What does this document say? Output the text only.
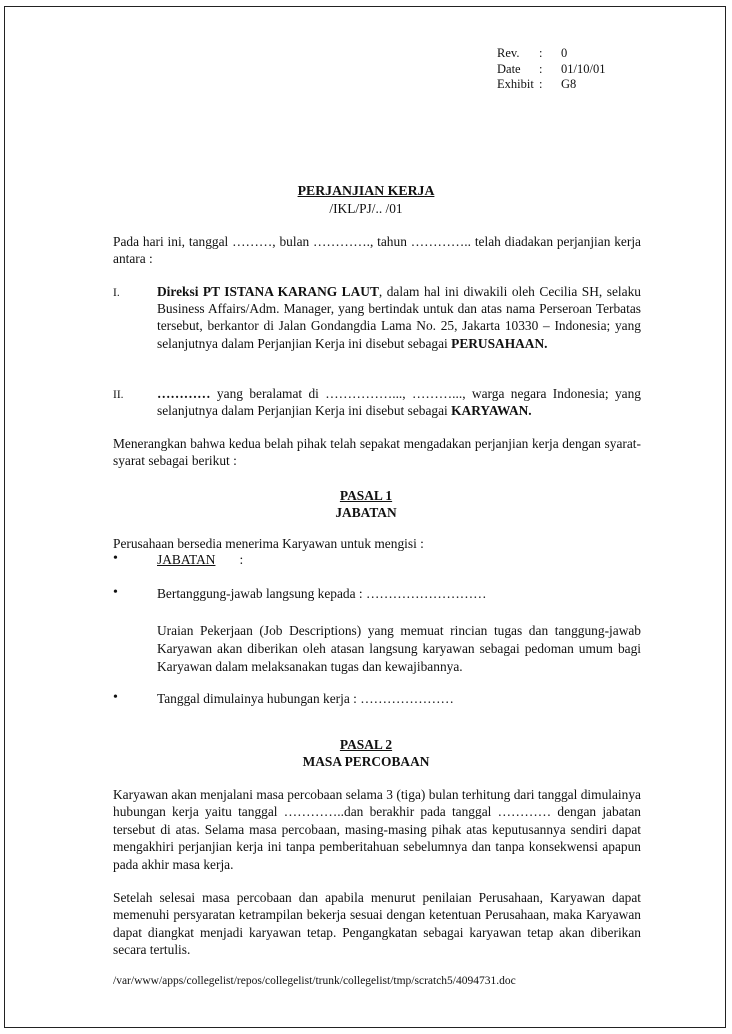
Rev.	:	0
Date	:	01/10/01
Exhibit :	G8
PERJANJIAN KERJA
/IKL/PJ/.. /01
Pada hari ini, tanggal ………, bulan …………., tahun ………….. telah diadakan perjanjian kerja antara :
I.	Direksi PT ISTANA KARANG LAUT, dalam hal ini diwakili oleh Cecilia SH, selaku Business Affairs/Adm. Manager, yang bertindak untuk dan atas nama Perseroan Terbatas tersebut, berkantor di Jalan Gondangdia Lama No. 25, Jakarta 10330 – Indonesia; yang selanjutnya dalam Perjanjian Kerja ini disebut sebagai PERUSAHAAN.
II. ………… yang beralamat di ……………..., ………..., warga negara Indonesia; yang selanjutnya dalam Perjanjian Kerja ini disebut sebagai KARYAWAN.
Menerangkan bahwa kedua belah pihak telah sepakat mengadakan perjanjian kerja dengan syarat-syarat sebagai berikut :
PASAL 1
JABATAN
Perusahaan bersedia menerima Karyawan untuk mengisi :
•	JABATAN :
•	Bertanggung-jawab langsung kepada : ………………………
Uraian Pekerjaan (Job Descriptions) yang memuat rincian tugas dan tanggung-jawab Karyawan akan diberikan oleh atasan langsung karyawan sebagai pedoman umum bagi Karyawan dalam melaksanakan tugas dan kewajibannya.
•	Tanggal dimulainya hubungan kerja : …………………
PASAL 2
MASA PERCOBAAN
Karyawan akan menjalani masa percobaan selama 3 (tiga) bulan terhitung dari tanggal dimulainya hubungan kerja yaitu tanggal …………..dan berakhir pada tanggal ………… dengan jabatan tersebut di atas. Selama masa percobaan, masing-masing pihak atas keputusannya sendiri dapat mengakhiri perjanjian kerja ini tanpa pemberitahuan sebelumnya dan tanpa konsekwensi apapun pada akhir masa kerja.
Setelah selesai masa percobaan dan apabila menurut penilaian Perusahaan, Karyawan dapat memenuhi persyaratan ketrampilan bekerja sesuai dengan ketentuan Perusahaan, maka Karyawan dapat diangkat menjadi karyawan tetap. Pengangkatan sebagai karyawan tetap akan diberikan secara tertulis.
/var/www/apps/collegelist/repos/collegelist/trunk/collegelist/tmp/scratch5/4094731.doc
